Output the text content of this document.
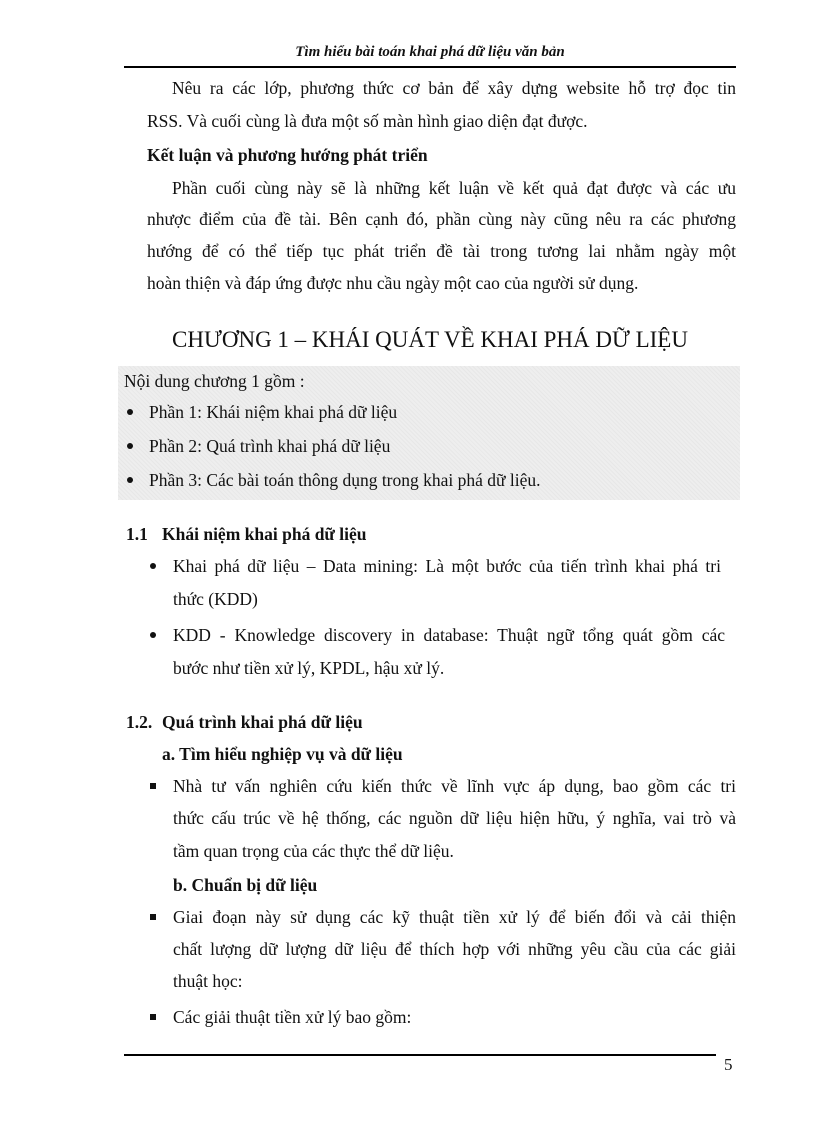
Tìm hiểu bài toán khai phá dữ liệu văn bản
Nêu ra các lớp, phương thức cơ bản để xây dựng website hỗ trợ đọc tin
RSS. Và cuối cùng là đưa một số màn hình giao diện đạt được.
Kết luận và phương hướng phát triển
Phần cuối cùng này sẽ là những kết luận về kết quả đạt được và các ưu
nhược điểm của đề tài. Bên cạnh đó, phần cùng này cũng nêu ra các phương
hướng để có thể tiếp tục phát triển đề tài trong tương lai nhằm ngày một
hoàn thiện và đáp ứng được nhu cầu ngày một cao của người sử dụng.
CHƯƠNG 1 – KHÁI QUÁT VỀ KHAI PHÁ DỮ LIỆU
Nội dung chương 1 gồm :
Phần 1: Khái niệm khai phá dữ liệu
Phần 2: Quá trình khai phá dữ liệu
Phần 3: Các bài toán thông dụng trong khai phá dữ liệu.
1.1 Khái niệm khai phá dữ liệu
Khai phá dữ liệu – Data mining: Là một bước của tiến trình khai phá tri
thức (KDD)
KDD - Knowledge discovery in database: Thuật ngữ tổng quát gồm các
bước như tiền xử lý, KPDL, hậu xử lý.
1.2. Quá trình khai phá dữ liệu
a. Tìm hiểu nghiệp vụ và dữ liệu
Nhà tư vấn nghiên cứu kiến thức về lĩnh vực áp dụng, bao gồm các tri
thức cấu trúc về hệ thống, các nguồn dữ liệu hiện hữu, ý nghĩa, vai trò và
tầm quan trọng của các thực thể dữ liệu.
b. Chuẩn bị dữ liệu
Giai đoạn này sử dụng các kỹ thuật tiền xử lý để biến đổi và cải thiện
chất lượng dữ lượng dữ liệu để thích hợp với những yêu cầu của các giải
thuật học:
Các giải thuật tiền xử lý bao gồm:
5
